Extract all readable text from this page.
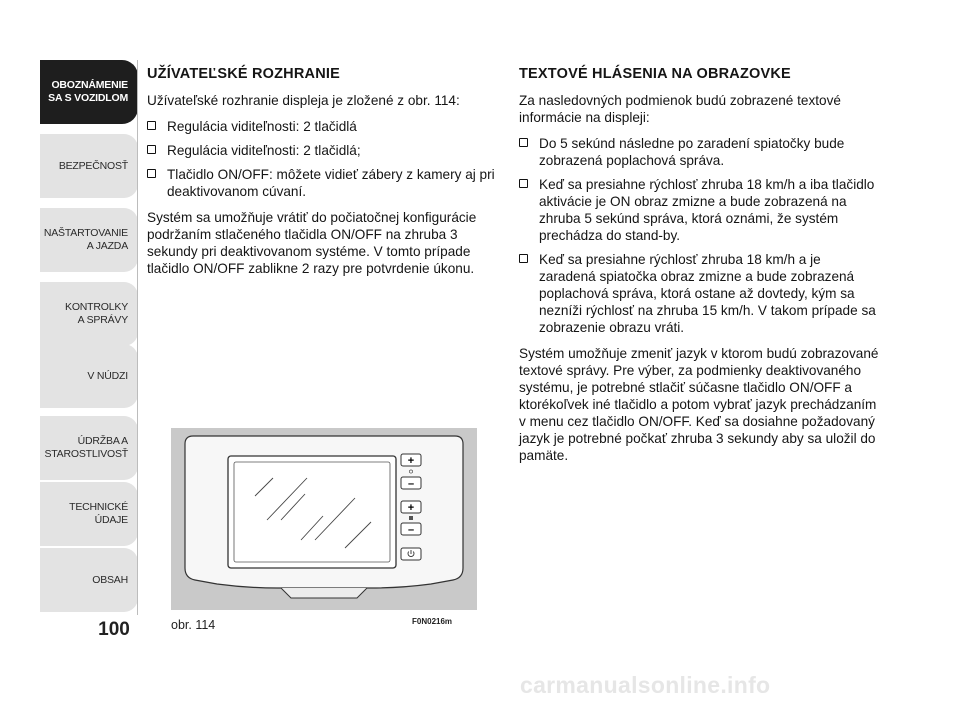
OBOZNÁMENIE
SA S VOZIDLOM
BEZPEČNOSŤ
NAŠTARTOVANIE
A JAZDA
KONTROLKY
A SPRÁVY
V NÚDZI
ÚDRŽBA A
STAROSTLIVOSŤ
TECHNICKÉ
ÚDAJE
OBSAH
100
UŽÍVATEĽSKÉ ROZHRANIE

Užívateľské rozhranie displeja je zložené z obr. 114:

Regulácia viditeľnosti: 2 tlačidlá
Regulácia viditeľnosti: 2 tlačidlá;
Tlačidlo ON/OFF: môžete vidieť zábery z kamery aj pri deaktivovanom cúvaní.

Systém sa umožňuje vrátiť do počiatočnej konfigurácie podržaním stlačeného tlačidla ON/OFF na zhruba 3 sekundy pri deaktivovanom systéme. V tomto prípade tlačidlo ON/OFF zablikne 2 razy pre potvrdenie úkonu.

TEXTOVÉ HLÁSENIA NA OBRAZOVKE

Za nasledovných podmienok budú zobrazené textové informácie na displeji:

Do 5 sekúnd následne po zaradení spiatočky bude zobrazená poplachová správa.
Keď sa presiahne rýchlosť zhruba 18 km/h a iba tlačidlo aktivácie je ON obraz zmizne a bude zobrazená na zhruba 5 sekúnd správa, ktorá oznámi, že systém prechádza do stand-by.
Keď sa presiahne rýchlosť zhruba 18 km/h a je zaradená spiatočka obraz zmizne a bude zobrazená poplachová správa, ktorá ostane až dovtedy, kým sa nezníži rýchlosť na zhruba 15 km/h. V takom prípade sa zobrazenie obrazu vráti.

Systém umožňuje zmeniť jazyk v ktorom budú zobrazované textové správy. Pre výber, za podmienky deaktivovaného systému, je potrebné stlačiť súčasne tlačidlo ON/OFF a ktorékoľvek iné tlačidlo a potom vybrať jazyk prechádzaním v menu cez tlačidlo ON/OFF. Keď sa dosiahne požadovaný jazyk je potrebné počkať zhruba 3 sekundy aby sa uložil do pamäte.

+
–
+
–
obr. 114	F0N0216m
carmanualsonline.info
